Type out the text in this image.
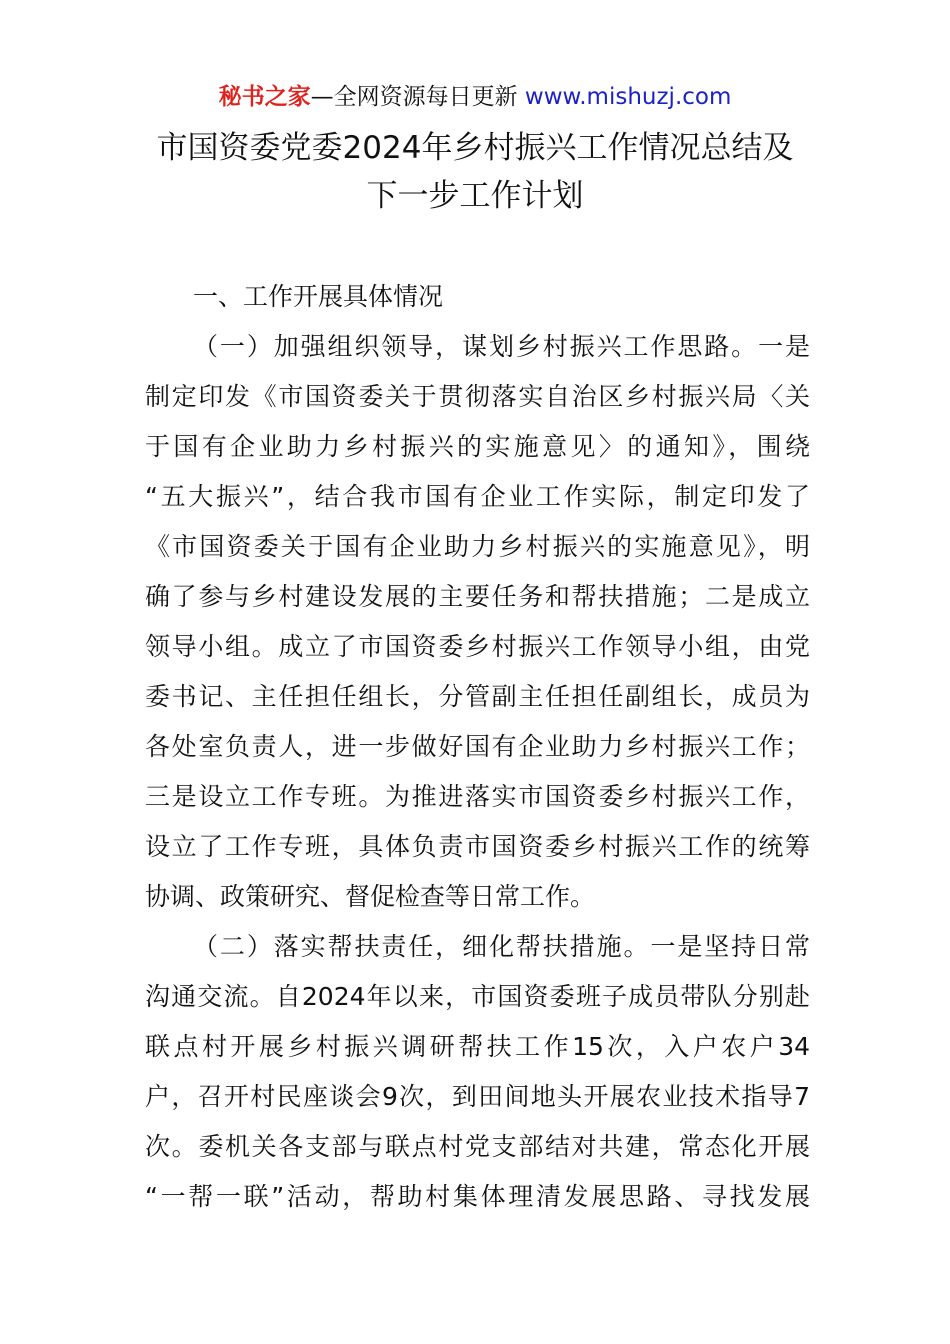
秘书之家—全网资源每日更新 www.mishuzj.com
市国资委党委2024年乡村振兴工作情况总结及
下一步工作计划
一、工作开展具体情况
（一）加强组织领导，谋划乡村振兴工作思路。一是
制定印发《市国资委关于贯彻落实自治区乡村振兴局〈关
于国有企业助力乡村振兴的实施意见〉的通知》，围绕
“五大振兴”，结合我市国有企业工作实际，制定印发了
《市国资委关于国有企业助力乡村振兴的实施意见》，明
确了参与乡村建设发展的主要任务和帮扶措施；二是成立
领导小组。成立了市国资委乡村振兴工作领导小组，由党
委书记、主任担任组长，分管副主任担任副组长，成员为
各处室负责人，进一步做好国有企业助力乡村振兴工作；
三是设立工作专班。为推进落实市国资委乡村振兴工作，
设立了工作专班，具体负责市国资委乡村振兴工作的统筹
协调、政策研究、督促检查等日常工作。
（二）落实帮扶责任，细化帮扶措施。一是坚持日常
沟通交流。自2024年以来，市国资委班子成员带队分别赴
联点村开展乡村振兴调研帮扶工作15次，入户农户34
户，召开村民座谈会9次，到田间地头开展农业技术指导7
次。委机关各支部与联点村党支部结对共建，常态化开展
“一帮一联”活动，帮助村集体理清发展思路、寻找发展
